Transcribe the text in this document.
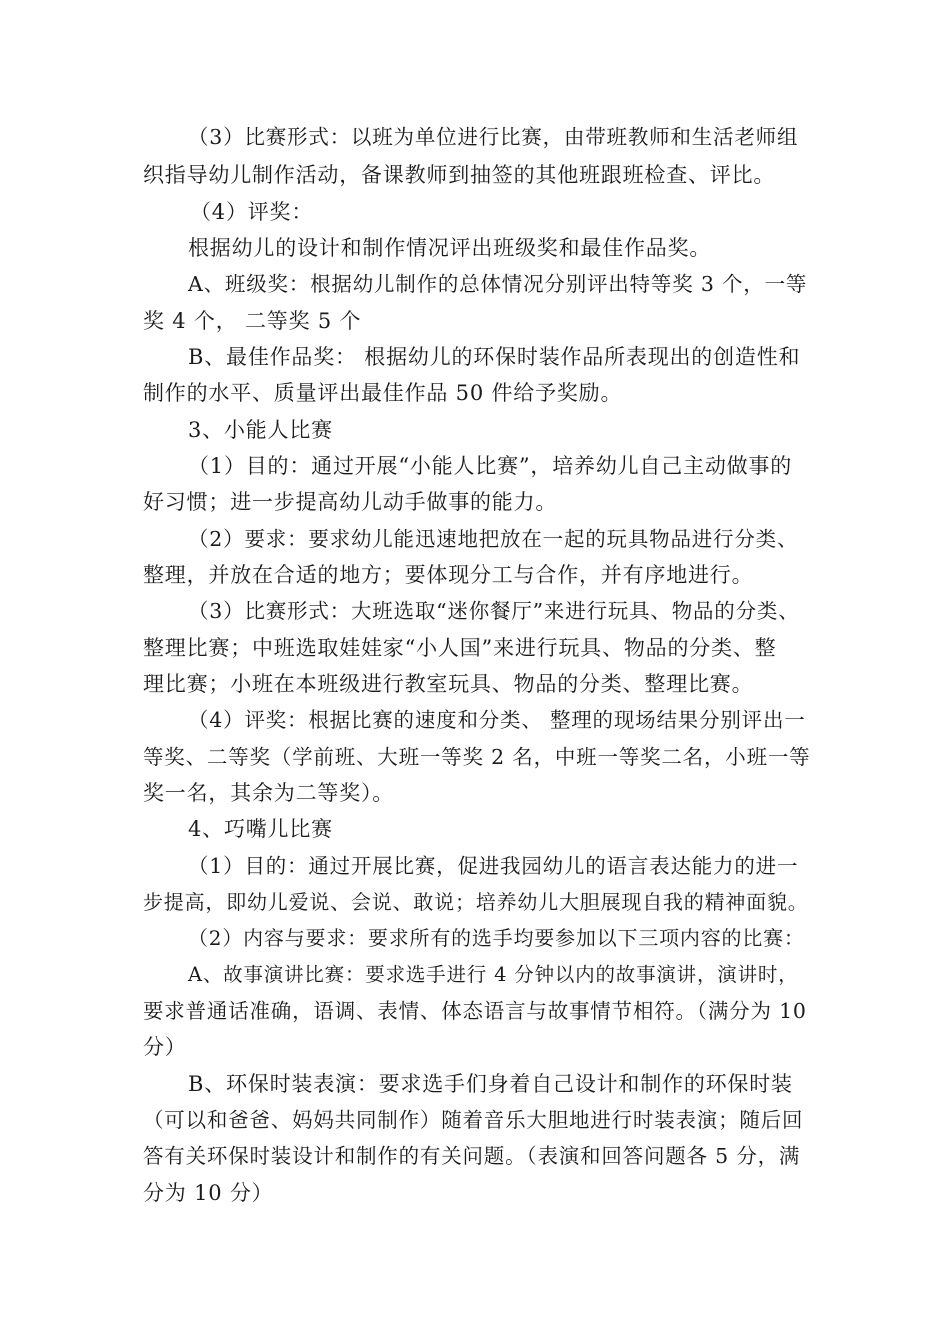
（3）比赛形式：以班为单位进行比赛，由带班教师和生活老师组
织指导幼儿制作活动，备课教师到抽签的其他班跟班检查、评比。
（4）评奖：
根据幼儿的设计和制作情况评出班级奖和最佳作品奖。
A、班级奖：根据幼儿制作的总体情况分别评出特等奖 3 个，一等
奖 4 个， 二等奖 5 个
B、最佳作品奖： 根据幼儿的环保时装作品所表现出的创造性和
制作的水平、质量评出最佳作品 50 件给予奖励。
3、小能人比赛
（1）目的：通过开展“小能人比赛”，培养幼儿自己主动做事的
好习惯；进一步提高幼儿动手做事的能力。
（2）要求：要求幼儿能迅速地把放在一起的玩具物品进行分类、
整理，并放在合适的地方；要体现分工与合作，并有序地进行。
（3）比赛形式：大班选取“迷你餐厅”来进行玩具、物品的分类、
整理比赛；中班选取娃娃家“小人国”来进行玩具、物品的分类、整
理比赛；小班在本班级进行教室玩具、物品的分类、整理比赛。
（4）评奖：根据比赛的速度和分类、 整理的现场结果分别评出一
等奖、二等奖（学前班、大班一等奖 2 名，中班一等奖二名，小班一等
奖一名，其余为二等奖）。
4、巧嘴儿比赛
（1）目的：通过开展比赛，促进我园幼儿的语言表达能力的进一
步提高，即幼儿爱说、会说、敢说；培养幼儿大胆展现自我的精神面貌。
（2）内容与要求：要求所有的选手均要参加以下三项内容的比赛：
A、故事演讲比赛：要求选手进行 4 分钟以内的故事演讲，演讲时，
要求普通话准确，语调、表情、体态语言与故事情节相符。（满分为 10
分）
B、环保时装表演：要求选手们身着自己设计和制作的环保时装
（可以和爸爸、妈妈共同制作）随着音乐大胆地进行时装表演；随后回
答有关环保时装设计和制作的有关问题。（表演和回答问题各 5 分，满
分为 10 分）
